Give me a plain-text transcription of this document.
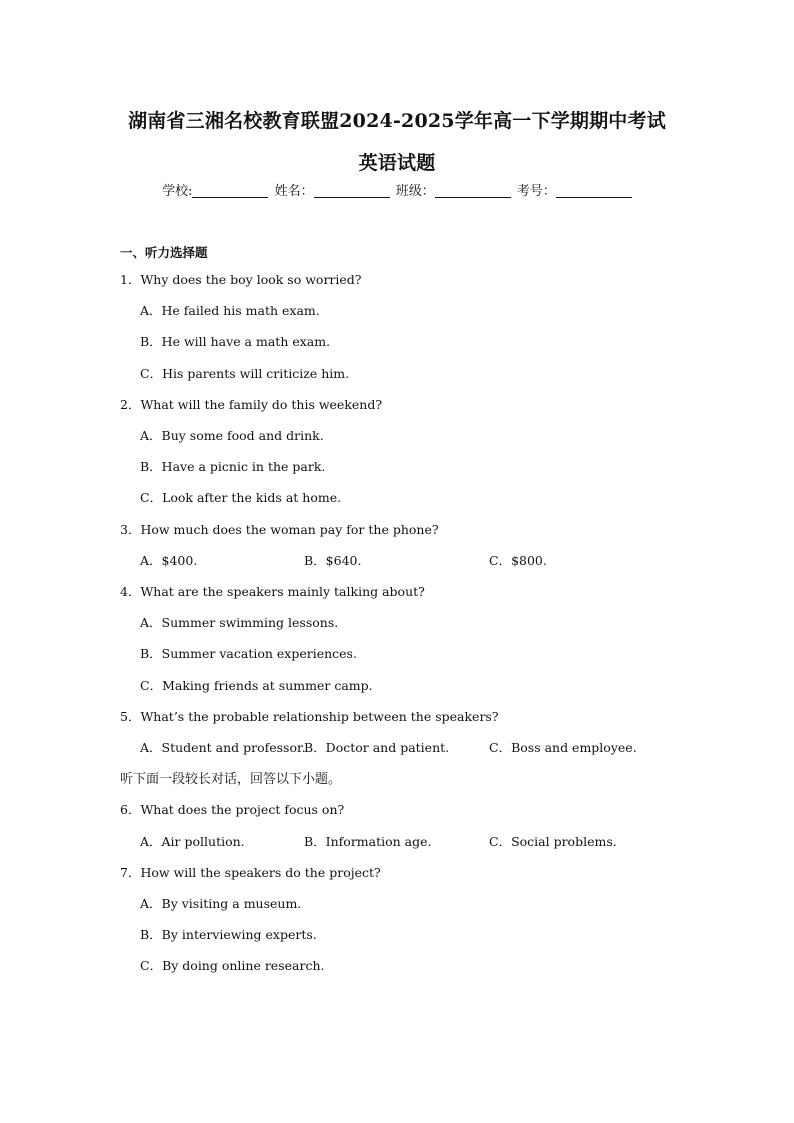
湖南省三湘名校教育联盟2024-2025学年高一下学期期中考试
英语试题
学校:	姓名：	班级：	考号：
一、听力选择题
1．Why does the boy look so worried?
A．He failed his math exam.
B．He will have a math exam.
C．His parents will criticize him.
2．What will the family do this weekend?
A．Buy some food and drink.
B．Have a picnic in the park.
C．Look after the kids at home.
3．How much does the woman pay for the phone?
A．$400.	B．$640.	C．$800.
4．What are the speakers mainly talking about?
A．Summer swimming lessons.
B．Summer vacation experiences.
C．Making friends at summer camp.
5．What’s the probable relationship between the speakers?
A．Student and professor.
B．Doctor and patient.	C．Boss and employee.
听下面一段较长对话，回答以下小题。
6．What does the project focus on?
A．Air pollution.	B．Information age.	C．Social problems.
7．How will the speakers do the project?
A．By visiting a museum.
B．By interviewing experts.
C．By doing online research.
